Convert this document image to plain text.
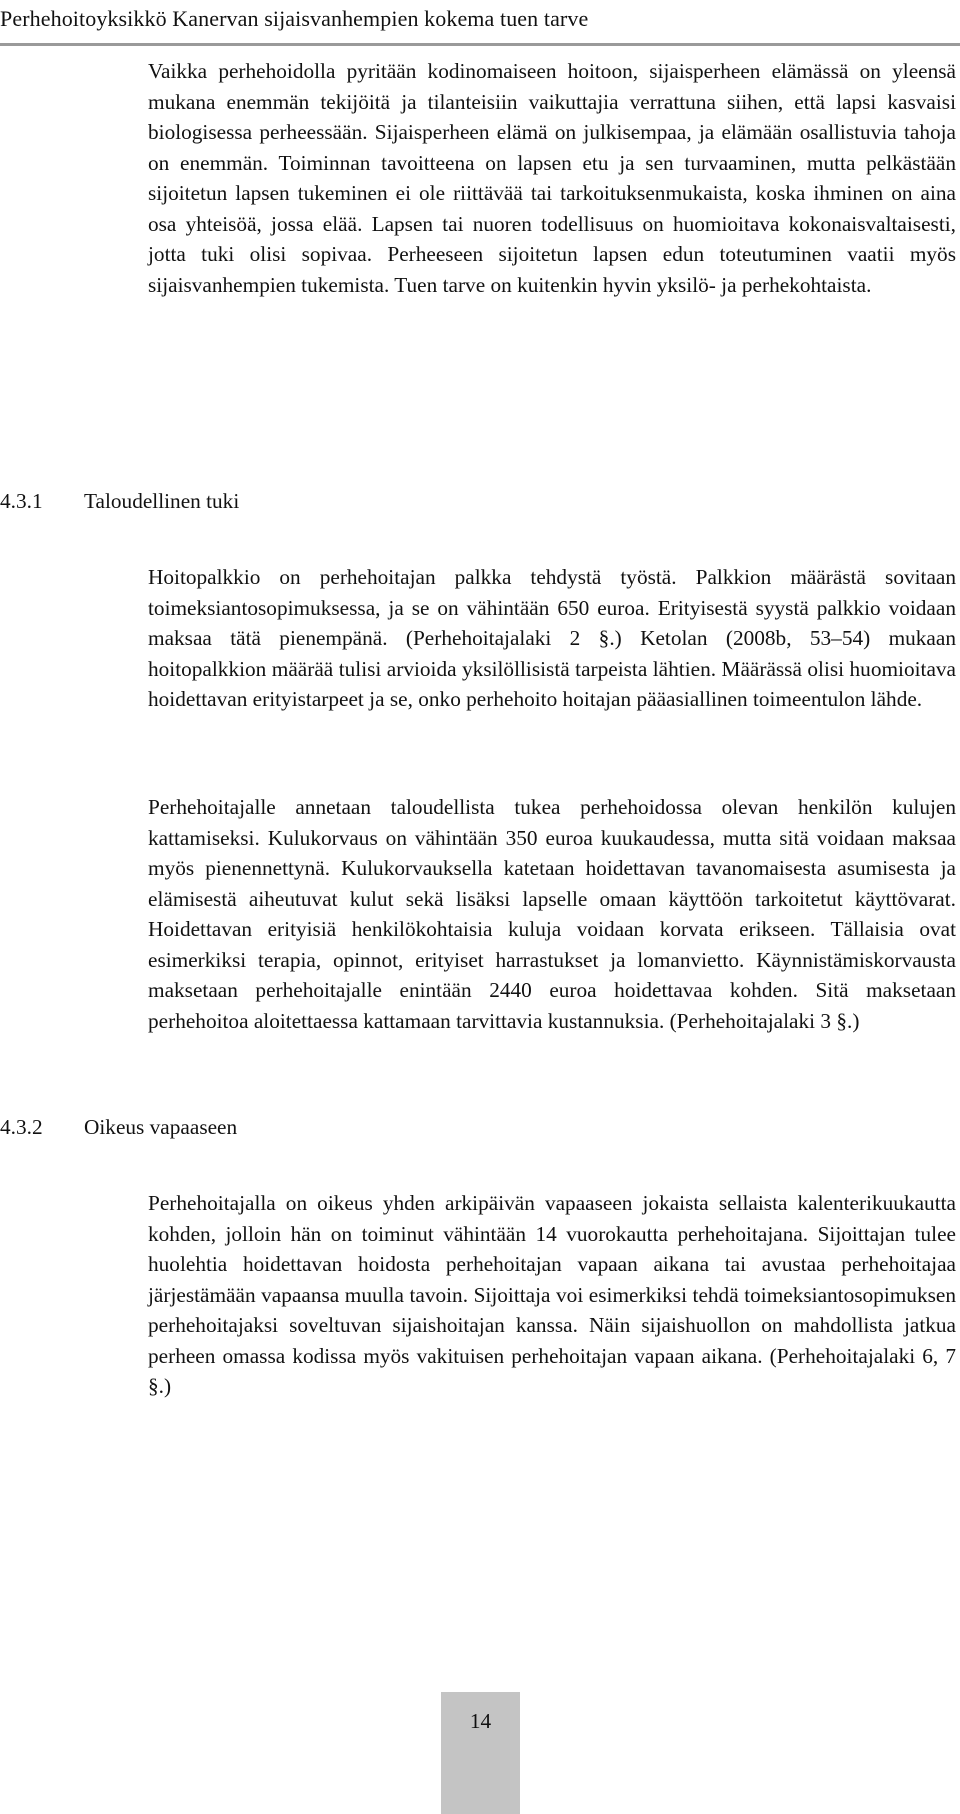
Perhehoitoyksikkö Kanervan sijaisvanhempien kokema tuen tarve

Vaikka perhehoidolla pyritään kodinomaiseen hoitoon, sijaisperheen elämässä on yleensä mukana enemmän tekijöitä ja tilanteisiin vaikuttajia verrattuna siihen, että lapsi kasvaisi biologisessa perheessään. Sijaisperheen elämä on julkisempaa, ja elämään osallistuvia tahoja on enemmän. Toiminnan tavoitteena on lapsen etu ja sen turvaaminen, mutta pelkästään sijoitetun lapsen tukeminen ei ole riittävää tai tarkoituksenmukaista, koska ihminen on aina osa yhteisöä, jossa elää. Lapsen tai nuoren todellisuus on huomioitava kokonaisvaltaisesti, jotta tuki olisi sopivaa. Perheeseen sijoitetun lapsen edun toteutuminen vaatii myös sijaisvanhempien tukemista. Tuen tarve on kuitenkin hyvin yksilö- ja perhekohtaista.

4.3.1 Taloudellinen tuki

Hoitopalkkio on perhehoitajan palkka tehdystä työstä. Palkkion määrästä sovitaan toimeksiantosopimuksessa, ja se on vähintään 650 euroa. Erityisestä syystä palkkio voidaan maksaa tätä pienempänä. (Perhehoitajalaki 2 §.) Ketolan (2008b, 53–54) mukaan hoitopalkkion määrää tulisi arvioida yksilöllisistä tarpeista lähtien. Määrässä olisi huomioitava hoidettavan erityistarpeet ja se, onko perhehoito hoitajan pääasiallinen toimeentulon lähde.

Perhehoitajalle annetaan taloudellista tukea perhehoidossa olevan henkilön kulujen kattamiseksi. Kulukorvaus on vähintään 350 euroa kuukaudessa, mutta sitä voidaan maksaa myös pienennettynä. Kulukorvauksella katetaan hoidettavan tavanomaisesta asumisesta ja elämisestä aiheutuvat kulut sekä lisäksi lapselle omaan käyttöön tarkoitetut käyttövarat. Hoidettavan erityisiä henkilökohtaisia kuluja voidaan korvata erikseen. Tällaisia ovat esimerkiksi terapia, opinnot, erityiset harrastukset ja lomanvietto. Käynnistämiskorvausta maksetaan perhehoitajalle enintään 2440 euroa hoidettavaa kohden. Sitä maksetaan perhehoitoa aloitettaessa kattamaan tarvittavia kustannuksia. (Perhehoitajalaki 3 §.)

4.3.2 Oikeus vapaaseen

Perhehoitajalla on oikeus yhden arkipäivän vapaaseen jokaista sellaista kalenterikuukautta kohden, jolloin hän on toiminut vähintään 14 vuorokautta perhehoitajana. Sijoittajan tulee huolehtia hoidettavan hoidosta perhehoitajan vapaan aikana tai avustaa perhehoitajaa järjestämään vapaansa muulla tavoin. Sijoittaja voi esimerkiksi tehdä toimeksiantosopimuksen perhehoitajaksi soveltuvan sijaishoitajan kanssa. Näin sijaishuollon on mahdollista jatkua perheen omassa kodissa myös vakituisen perhehoitajan vapaan aikana. (Perhehoitajalaki 6, 7 §.)

14
